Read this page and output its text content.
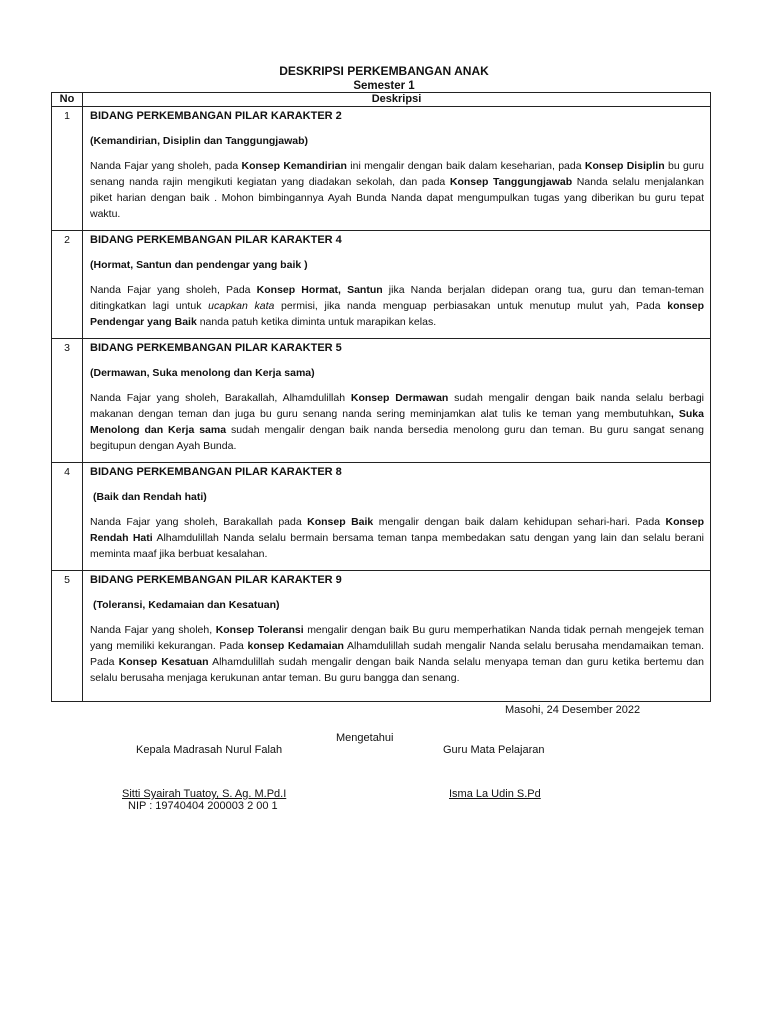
DESKRIPSI PERKEMBANGAN ANAK
Semester 1
No	Deskripsi
1	BIDANG PERKEMBANGAN PILAR KARAKTER 2
(Kemandirian, Disiplin dan Tanggungjawab)
Nanda Fajar yang sholeh, pada Konsep Kemandirian ini mengalir dengan baik dalam keseharian, pada Konsep Disiplin bu guru senang nanda rajin mengikuti kegiatan yang diadakan sekolah, dan pada Konsep Tanggungjawab Nanda selalu menjalankan piket harian dengan baik . Mohon bimbingannya Ayah Bunda Nanda dapat mengumpulkan tugas yang diberikan bu guru tepat waktu.

2	BIDANG PERKEMBANGAN PILAR KARAKTER 4
(Hormat, Santun dan pendengar yang baik )
Nanda Fajar yang sholeh, Pada Konsep Hormat, Santun jika Nanda berjalan didepan orang tua, guru dan teman-teman ditingkatkan lagi untuk ucapkan kata permisi, jika nanda menguap perbiasakan untuk menutup mulut yah, Pada konsep Pendengar yang Baik nanda patuh ketika diminta untuk marapikan kelas.

3	BIDANG PERKEMBANGAN PILAR KARAKTER 5
(Dermawan, Suka menolong dan Kerja sama)
Nanda Fajar yang sholeh, Barakallah, Alhamdulillah Konsep Dermawan sudah mengalir dengan baik nanda selalu berbagi makanan dengan teman dan juga bu guru senang nanda sering meminjamkan alat tulis ke teman yang membutuhkan, Suka Menolong dan Kerja sama sudah mengalir dengan baik nanda bersedia menolong guru dan teman. Bu guru sangat senang begitupun dengan Ayah Bunda.

4	BIDANG PERKEMBANGAN PILAR KARAKTER 8
(Baik dan Rendah hati)
Nanda Fajar yang sholeh, Barakallah pada Konsep Baik mengalir dengan baik dalam kehidupan sehari-hari. Pada Konsep Rendah Hati Alhamdulillah Nanda selalu bermain bersama teman tanpa membedakan satu dengan yang lain dan selalu berani meminta maaf jika berbuat kesalahan.

5	BIDANG PERKEMBANGAN PILAR KARAKTER 9
(Toleransi, Kedamaian dan Kesatuan)
Nanda Fajar yang sholeh, Konsep Toleransi mengalir dengan baik Bu guru memperhatikan Nanda tidak pernah mengejek teman yang memiliki kekurangan. Pada konsep Kedamaian Alhamdulillah sudah mengalir Nanda selalu berusaha mendamaikan teman. Pada Konsep Kesatuan Alhamdulillah sudah mengalir dengan baik Nanda selalu menyapa teman dan guru ketika bertemu dan selalu berusaha menjaga kerukunan antar teman. Bu guru bangga dan senang.
Masohi, 24 Desember 2022
Mengetahui
Kepala Madrasah Nurul Falah	Guru Mata Pelajaran
Sitti Syairah Tuatoy, S. Ag. M.Pd.I
NIP : 19740404 200003 2 00 1
Isma La Udin S.Pd
